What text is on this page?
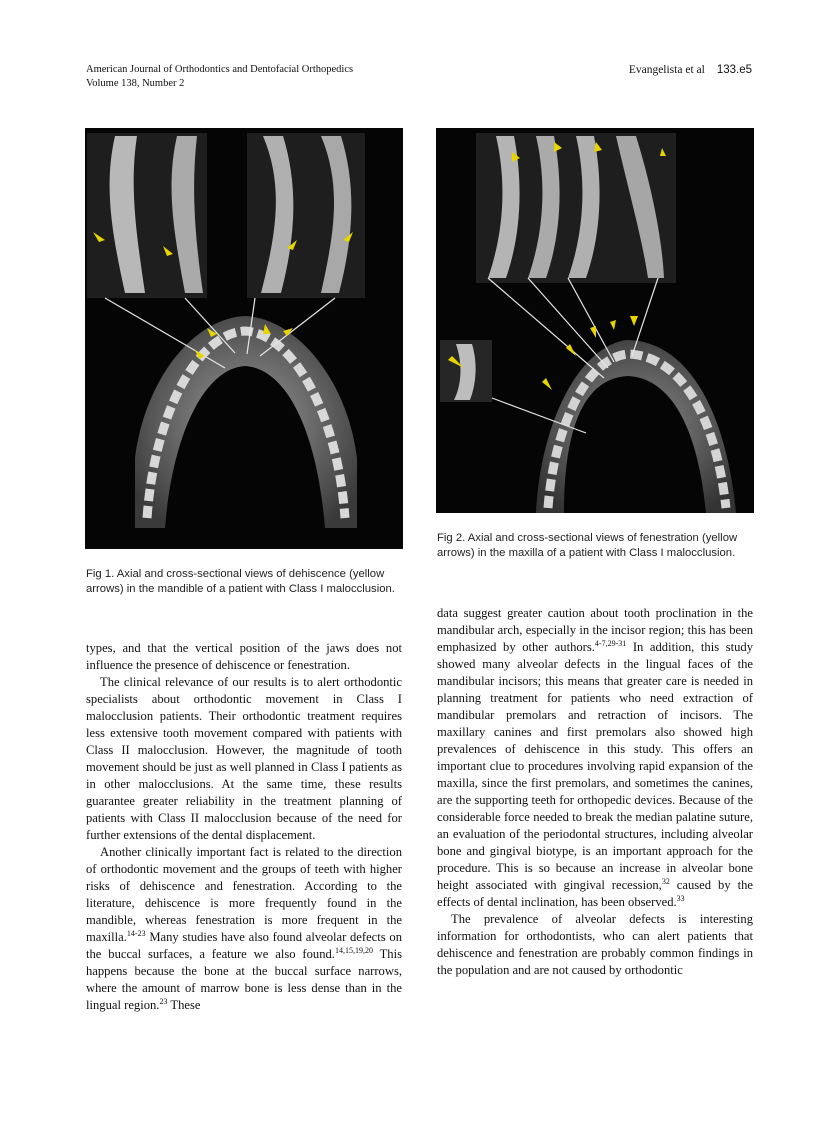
American Journal of Orthodontics and Dentofacial Orthopedics
Volume 138, Number 2
Evangelista et al 133.e5
Fig 1. Axial and cross-sectional views of dehiscence (yellow arrows) in the mandible of a patient with Class I malocclusion.
Fig 2. Axial and cross-sectional views of fenestration (yellow arrows) in the maxilla of a patient with Class I malocclusion.

types, and that the vertical position of the jaws does not influence the presence of dehiscence or fenestration.

The clinical relevance of our results is to alert orthodontic specialists about orthodontic movement in Class I malocclusion patients. Their orthodontic treatment requires less extensive tooth movement compared with patients with Class II malocclusion. However, the magnitude of tooth movement should be just as well planned in Class I patients as in other malocclusions. At the same time, these results guarantee greater reliability in the treatment planning of patients with Class II malocclusion because of the need for further extensions of the dental displacement.

Another clinically important fact is related to the direction of orthodontic movement and the groups of teeth with higher risks of dehiscence and fenestration. According to the literature, dehiscence is more frequently found in the mandible, whereas fenestration is more frequent in the maxilla.$^{14-23}$ Many studies have also found alveolar defects on the buccal surfaces, a feature we also found.$^{14,15,19,20}$ This happens because the bone at the buccal surface narrows, where the amount of marrow bone is less dense than in the lingual region.$^{23}$ These

data suggest greater caution about tooth proclination in the mandibular arch, especially in the incisor region; this has been emphasized by other authors.$^{4-7,29-31}$ In addition, this study showed many alveolar defects in the lingual faces of the mandibular incisors; this means that greater care is needed in planning treatment for patients who need extraction of mandibular premolars and retraction of incisors. The maxillary canines and first premolars also showed high prevalences of dehiscence in this study. This offers an important clue to procedures involving rapid expansion of the maxilla, since the first premolars, and sometimes the canines, are the supporting teeth for orthopedic devices. Because of the considerable force needed to break the median palatine suture, an evaluation of the periodontal structures, including alveolar bone and gingival biotype, is an important approach for the procedure. This is so because an increase in alveolar bone height associated with gingival recession,$^{32}$ caused by the effects of dental inclination, has been observed.$^{33}$

The prevalence of alveolar defects is interesting information for orthodontists, who can alert patients that dehiscence and fenestration are probably common findings in the population and are not caused by orthodontic
